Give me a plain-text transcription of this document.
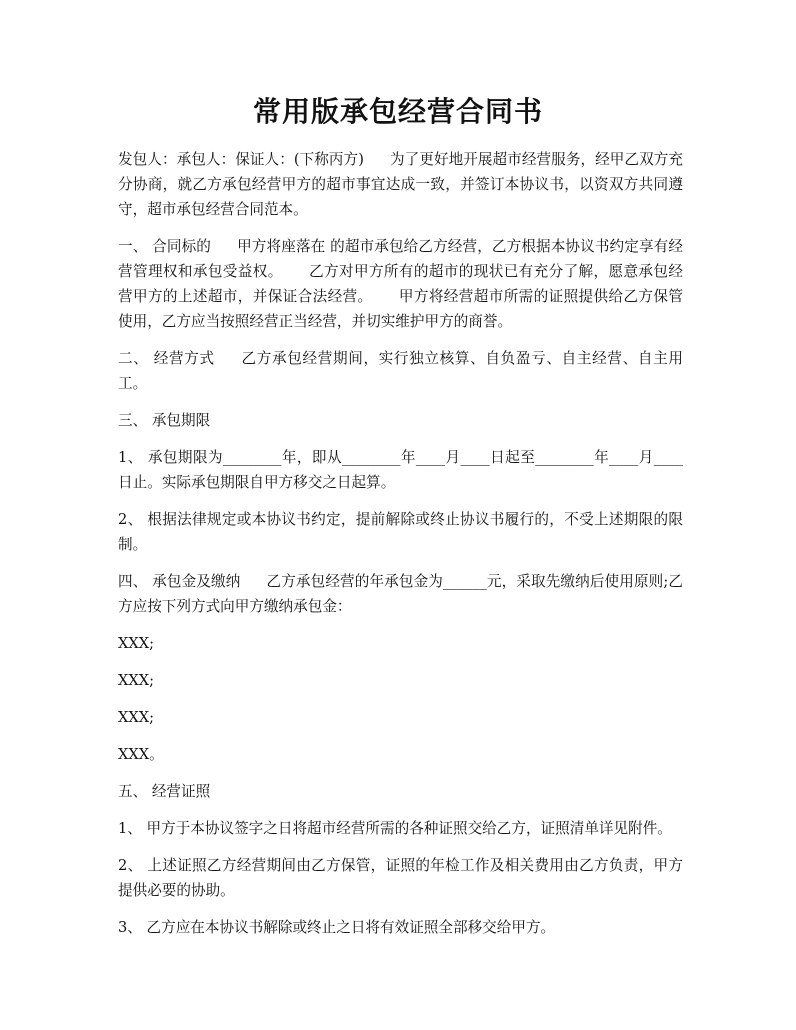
常用版承包经营合同书

发包人：承包人：保证人：(下称丙方) 为了更好地开展超市经营服务，经甲乙双方充分协商，就乙方承包经营甲方的超市事宜达成一致，并签订本协议书，以资双方共同遵守，超市承包经营合同范本。

一、 合同标的 甲方将座落在 的超市承包给乙方经营，乙方根据本协议书约定享有经营管理权和承包受益权。 乙方对甲方所有的超市的现状已有充分了解，愿意承包经营甲方的上述超市，并保证合法经营。 甲方将经营超市所需的证照提供给乙方保管使用，乙方应当按照经营正当经营，并切实维护甲方的商誉。

二、 经营方式 乙方承包经营期间，实行独立核算、自负盈亏、自主经营、自主用工。

三、 承包期限

1、 承包期限为________年，即从________年____月____日起至________年____月____日止。实际承包期限自甲方移交之日起算。

2、 根据法律规定或本协议书约定，提前解除或终止协议书履行的，不受上述期限的限制。

四、 承包金及缴纳 乙方承包经营的年承包金为______元，采取先缴纳后使用原则;乙方应按下列方式向甲方缴纳承包金：

XXX;

XXX;

XXX;

XXX。

五、 经营证照

1、 甲方于本协议签字之日将超市经营所需的各种证照交给乙方，证照清单详见附件。

2、 上述证照乙方经营期间由乙方保管，证照的年检工作及相关费用由乙方负责，甲方提供必要的协助。

3、 乙方应在本协议书解除或终止之日将有效证照全部移交给甲方。
